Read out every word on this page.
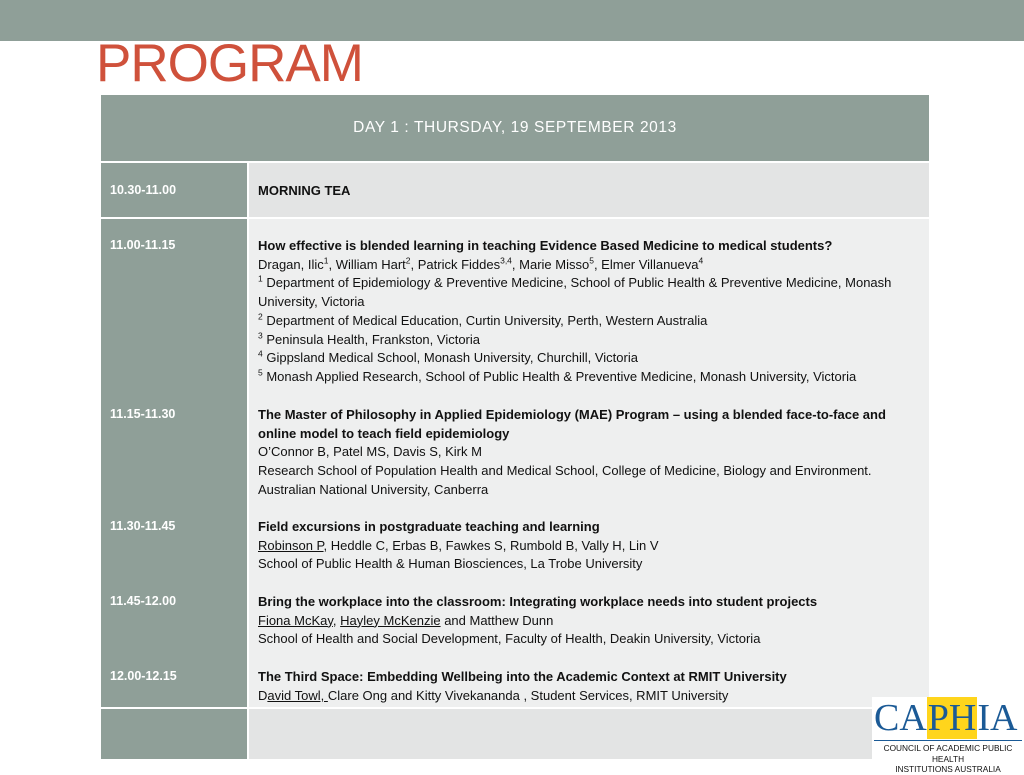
PROGRAM
DAY 1 : THURSDAY, 19 SEPTEMBER 2013
10.30-11.00	MORNING TEA
11.00-11.15
11.15-11.30
11.30-11.45
11.45-12.00
12.00-12.15
How effective is blended learning in teaching Evidence Based Medicine to medical students?
Dragan, Ilic$^1$, William Hart$^2$, Patrick Fiddes$^{3,4}$, Marie Misso$^5$, Elmer Villanueva$^4$
$^1$ Department of Epidemiology & Preventive Medicine, School of Public Health & Preventive Medicine, Monash University, Victoria
$^2$ Department of Medical Education, Curtin University, Perth, Western Australia
$^3$ Peninsula Health, Frankston, Victoria
$^4$ Gippsland Medical School, Monash University, Churchill, Victoria
$^5$ Monash Applied Research, School of Public Health & Preventive Medicine, Monash University, Victoria
The Master of Philosophy in Applied Epidemiology (MAE) Program – using a blended face-to-face and online model to teach field epidemiology
O’Connor B, Patel MS, Davis S, Kirk M
Research School of Population Health and Medical School, College of Medicine, Biology and Environment. Australian National University, Canberra
Field excursions in postgraduate teaching and learning
Robinson P, Heddle C, Erbas B, Fawkes S, Rumbold B, Vally H, Lin V
School of Public Health & Human Biosciences, La Trobe University
Bring the workplace into the classroom: Integrating workplace needs into student projects
Fiona McKay, Hayley McKenzie and Matthew Dunn
School of Health and Social Development, Faculty of Health, Deakin University, Victoria
The Third Space: Embedding Wellbeing into the Academic Context at RMIT University
David Towl, Clare Ong and Kitty Vivekananda , Student Services, RMIT University
CAPHIA
COUNCIL OF ACADEMIC PUBLIC HEALTH
INSTITUTIONS AUSTRALIA
